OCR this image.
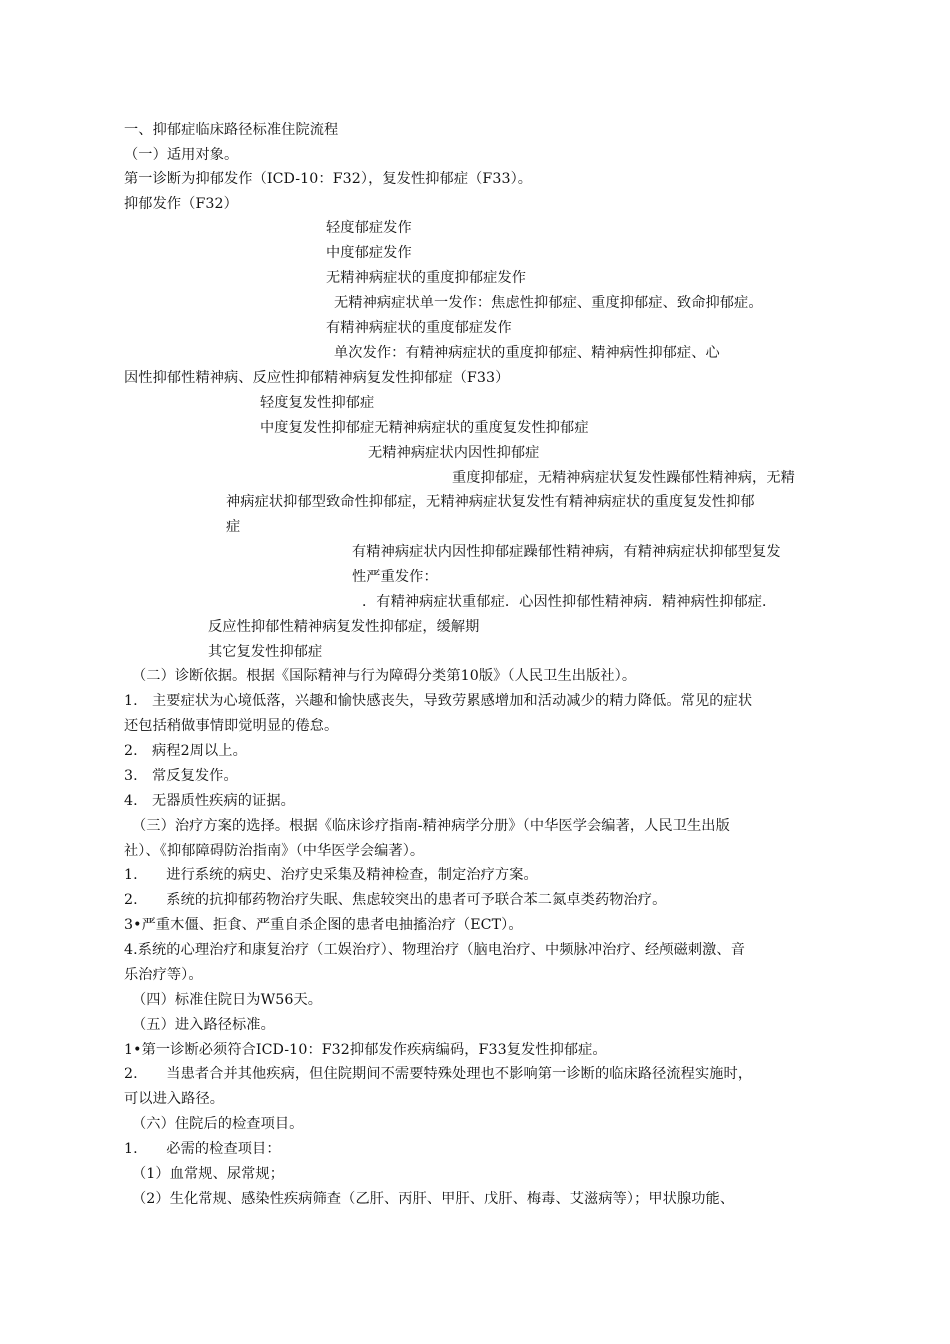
一、抑郁症临床路径标准住院流程
（一）适用对象。
第一诊断为抑郁发作（ICD-10：F32），复发性抑郁症（F33）。
抑郁发作（F32）
轻度郁症发作
中度郁症发作
无精神病症状的重度抑郁症发作
无精神病症状单一发作：焦虑性抑郁症、重度抑郁症、致命抑郁症。
有精神病症状的重度郁症发作
单次发作：有精神病症状的重度抑郁症、精神病性抑郁症、心
因性抑郁性精神病、反应性抑郁精神病复发性抑郁症（F33）
轻度复发性抑郁症
中度复发性抑郁症无精神病症状的重度复发性抑郁症
无精神病症状内因性抑郁症
重度抑郁症，无精神病症状复发性躁郁性精神病，无精
神病症状抑郁型致命性抑郁症，无精神病症状复发性有精神病症状的重度复发性抑郁
症
有精神病症状内因性抑郁症躁郁性精神病，有精神病症状抑郁型复发
性严重发作：
．有精神病症状重郁症．心因性抑郁性精神病．精神病性抑郁症．
反应性抑郁性精神病复发性抑郁症，缓解期
其它复发性抑郁症
（二）诊断依据。根据《国际精神与行为障碍分类第10版》（人民卫生出版社）。
1.　主要症状为心境低落，兴趣和愉快感丧失，导致劳累感增加和活动减少的精力降低。常见的症状
还包括稍做事情即觉明显的倦怠。
2.　病程2周以上。
3.　常反复发作。
4.　无器质性疾病的证据。
（三）治疗方案的选择。根据《临床诊疗指南-精神病学分册》（中华医学会编著，人民卫生出版
社）、《抑郁障碍防治指南》（中华医学会编著）。
1.　　进行系统的病史、治疗史采集及精神检查，制定治疗方案。
2.　　系统的抗抑郁药物治疗失眠、焦虑较突出的患者可予联合苯二氮卓类药物治疗。
3•严重木僵、拒食、严重自杀企图的患者电抽搐治疗（ECT）。
4.系统的心理治疗和康复治疗（工娱治疗）、物理治疗（脑电治疗、中频脉冲治疗、经颅磁刺激、音
乐治疗等）。
（四）标准住院日为W56天。
（五）进入路径标准。
1•第一诊断必须符合ICD-10：F32抑郁发作疾病编码，F33复发性抑郁症。
2.　　当患者合并其他疾病，但住院期间不需要特殊处理也不影响第一诊断的临床路径流程实施时，
可以进入路径。
（六）住院后的检查项目。
1.　　必需的检查项目：
（1）血常规、尿常规；
（2）生化常规、感染性疾病筛查（乙肝、丙肝、甲肝、戊肝、梅毒、艾滋病等）；甲状腺功能、
